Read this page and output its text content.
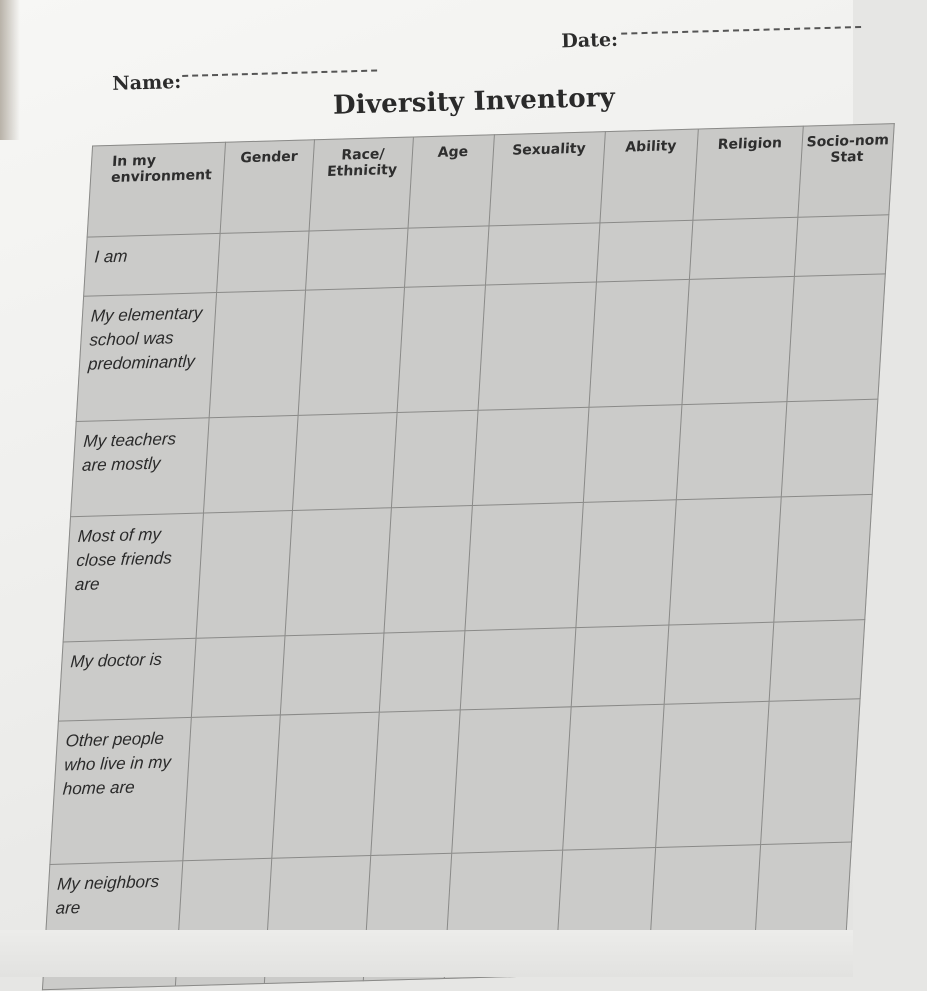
Date:
Name:	Diversity Inventory
In my environment	Gender	Race/ Ethnicity	Age	Sexuality	Ability	Religion	Socio-nom Stat
I am							
My elementary school was predominantly							
My teachers are mostly							
Most of my close friends are							
My doctor is							
Other people who live in my home are							
My neighbors are							
